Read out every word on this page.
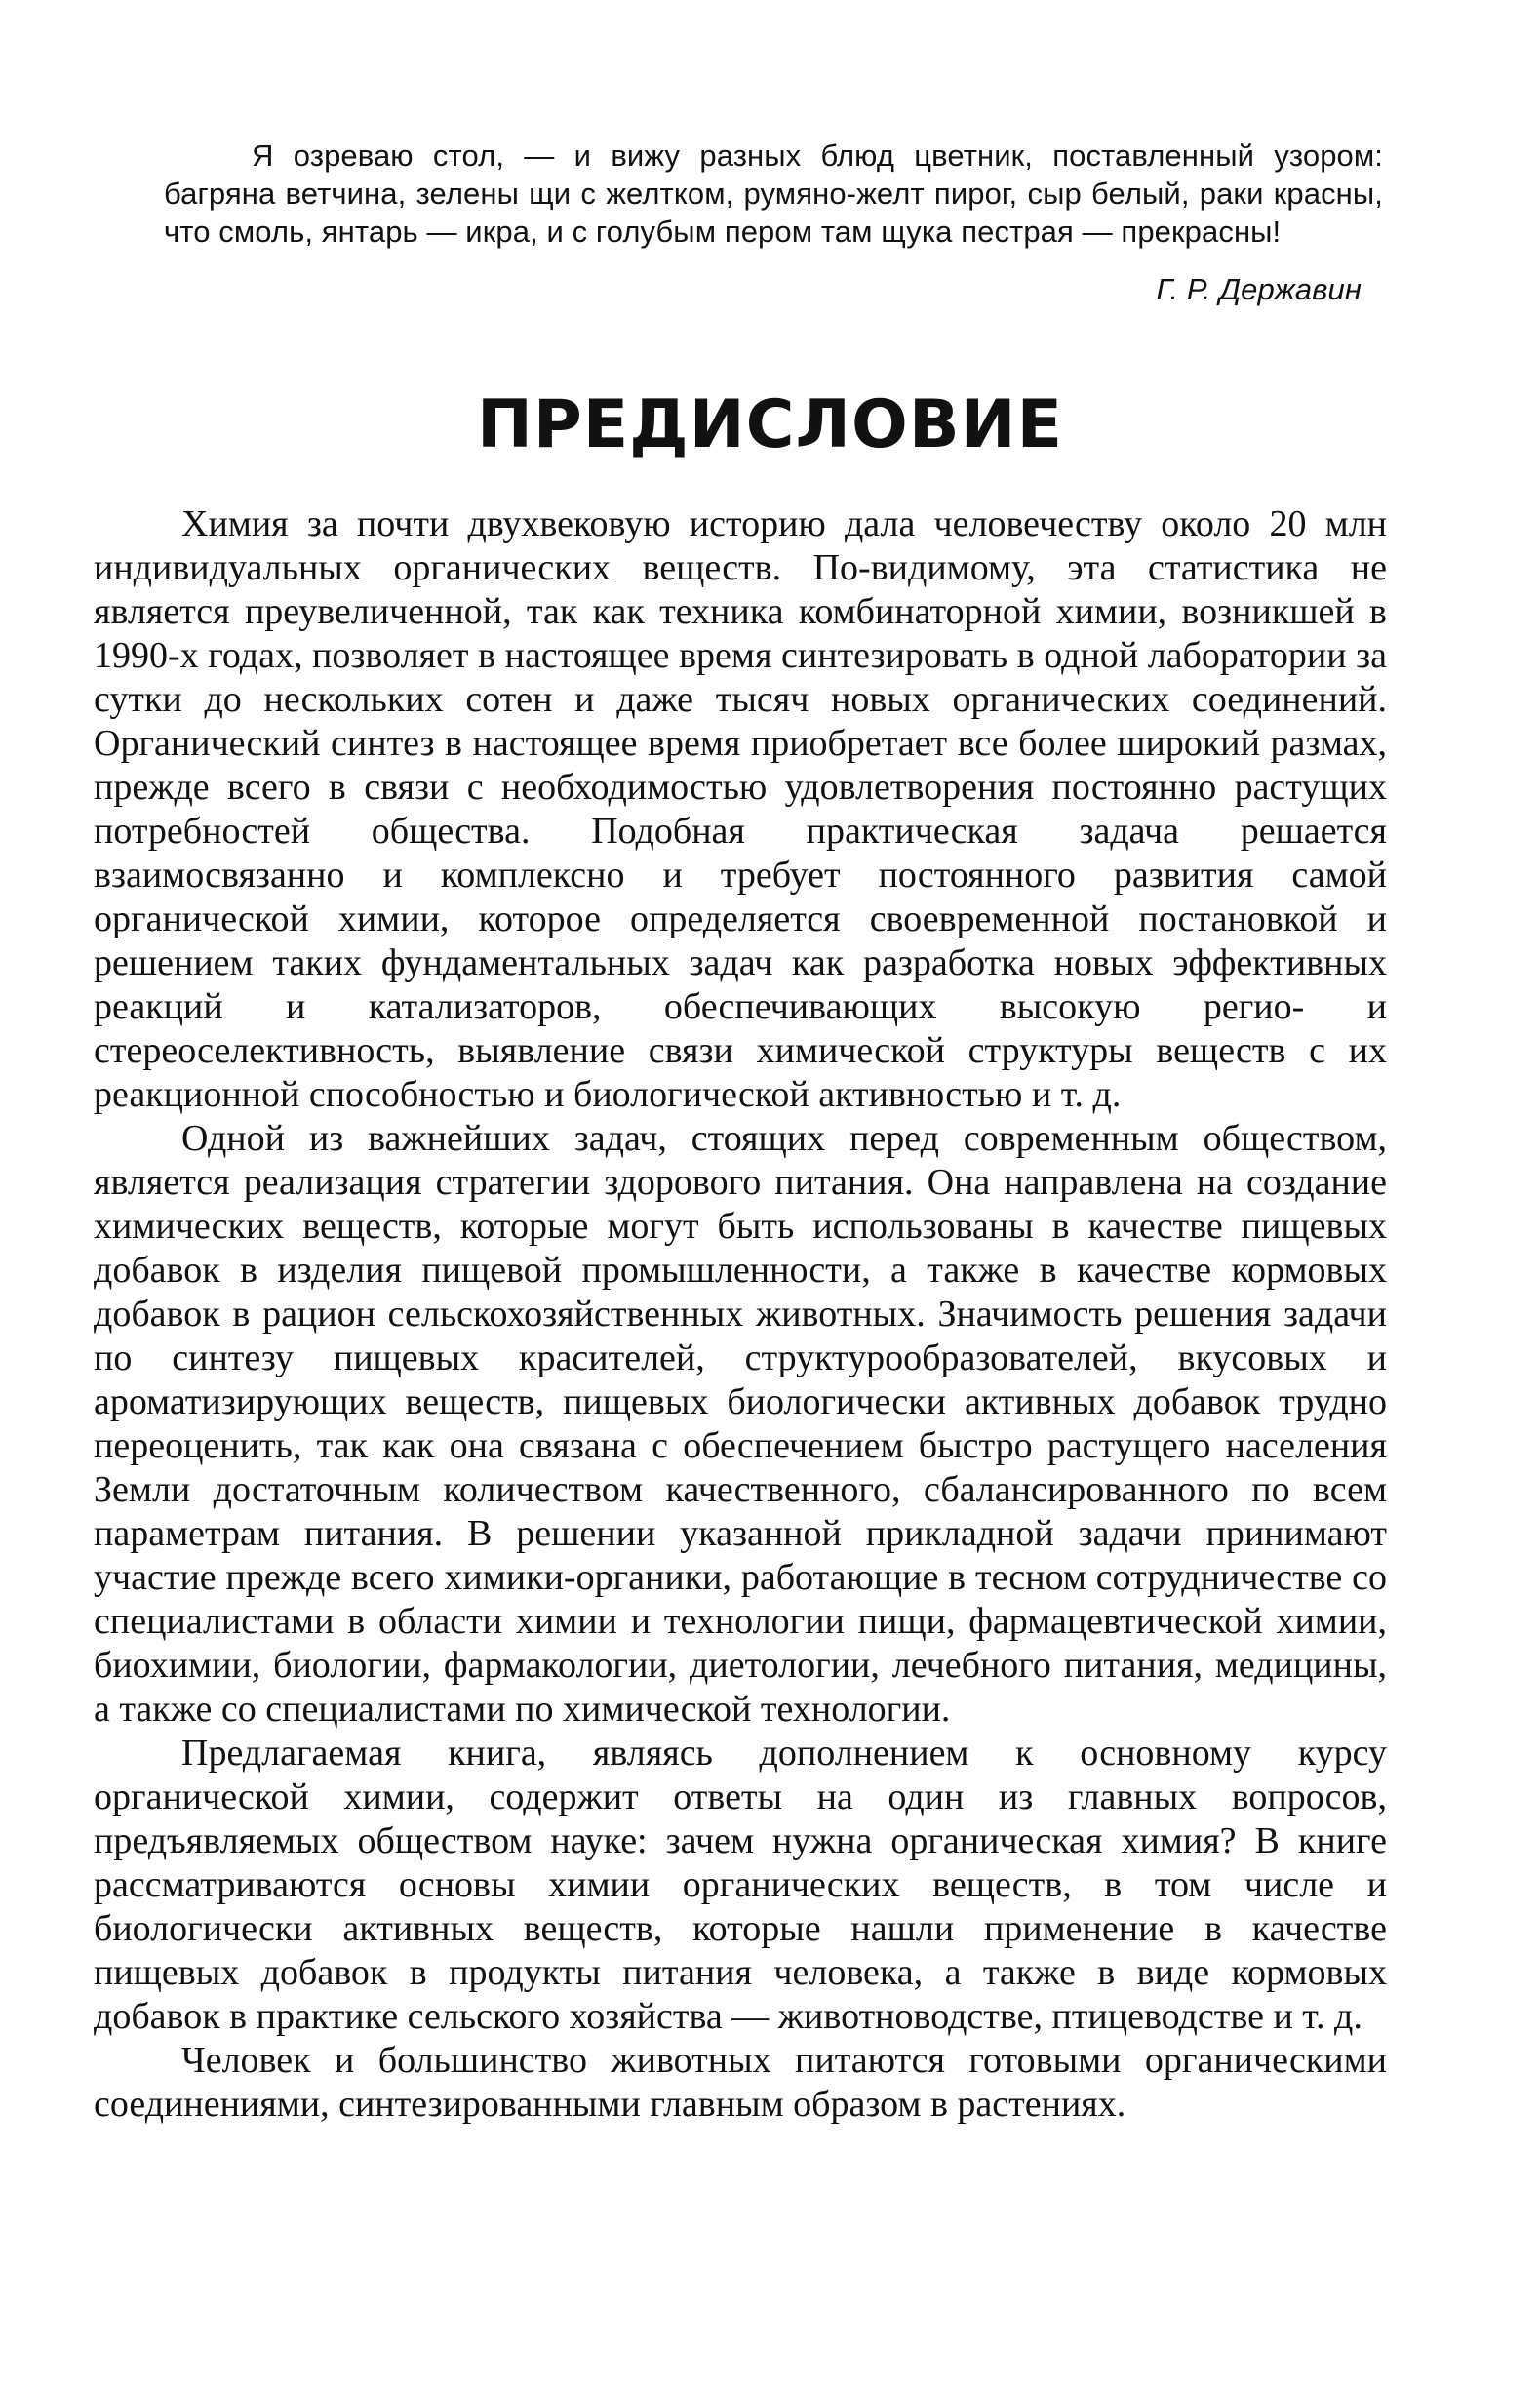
Я озреваю стол, — и вижу разных блюд цветник, поставленный узором: багряна ветчина, зелены щи с желтком, румяно-желт пирог, сыр белый, раки красны, что смоль, янтарь — икра, и с голубым пером там щука пестрая — прекрасны!
Г. Р. Державин
ПРЕДИСЛОВИЕ

Химия за почти двухвековую историю дала человечеству около 20 млн индивидуальных органических веществ. По-видимому, эта статистика не является преувеличенной, так как техника комбинаторной химии, возникшей в 1990-х годах, позволяет в настоящее время синтезировать в одной лаборатории за сутки до нескольких сотен и даже тысяч новых органических соединений. Органический синтез в настоящее время приобретает все более широкий размах, прежде всего в связи с необходимостью удовлетворения постоянно растущих потребностей общества. Подобная практическая задача решается взаимосвязанно и комплексно и требует постоянного развития самой органической химии, которое определяется своевременной постановкой и решением таких фундаментальных задач как разработка новых эффективных реакций и катализаторов, обеспечивающих высокую регио- и стереоселективность, выявление связи химической структуры веществ с их реакционной способностью и биологической активностью и т. д.

Одной из важнейших задач, стоящих перед современным обществом, является реализация стратегии здорового питания. Она направлена на создание химических веществ, которые могут быть использованы в качестве пищевых добавок в изделия пищевой промышленности, а также в качестве кормовых добавок в рацион сельскохозяйственных животных. Значимость решения задачи по синтезу пищевых красителей, структурообразователей, вкусовых и ароматизирующих веществ, пищевых биологически активных добавок трудно переоценить, так как она связана с обеспечением быстро растущего населения Земли достаточным количеством качественного, сбалансированного по всем параметрам питания. В решении указанной прикладной задачи принимают участие прежде всего химики-органики, работающие в тесном сотрудничестве со специалистами в области химии и технологии пищи, фармацевтической химии, биохимии, биологии, фармакологии, диетологии, лечебного питания, медицины, а также со специалистами по химической технологии.

Предлагаемая книга, являясь дополнением к основному курсу органической химии, содержит ответы на один из главных вопросов, предъявляемых обществом науке: зачем нужна органическая химия? В книге рассматриваются основы химии органических веществ, в том числе и биологически активных веществ, которые нашли применение в качестве пищевых добавок в продукты питания человека, а также в виде кормовых добавок в практике сельского хозяйства — животноводстве, птицеводстве и т. д.

Человек и большинство животных питаются готовыми органическими соединениями, синтезированными главным образом в растениях.
